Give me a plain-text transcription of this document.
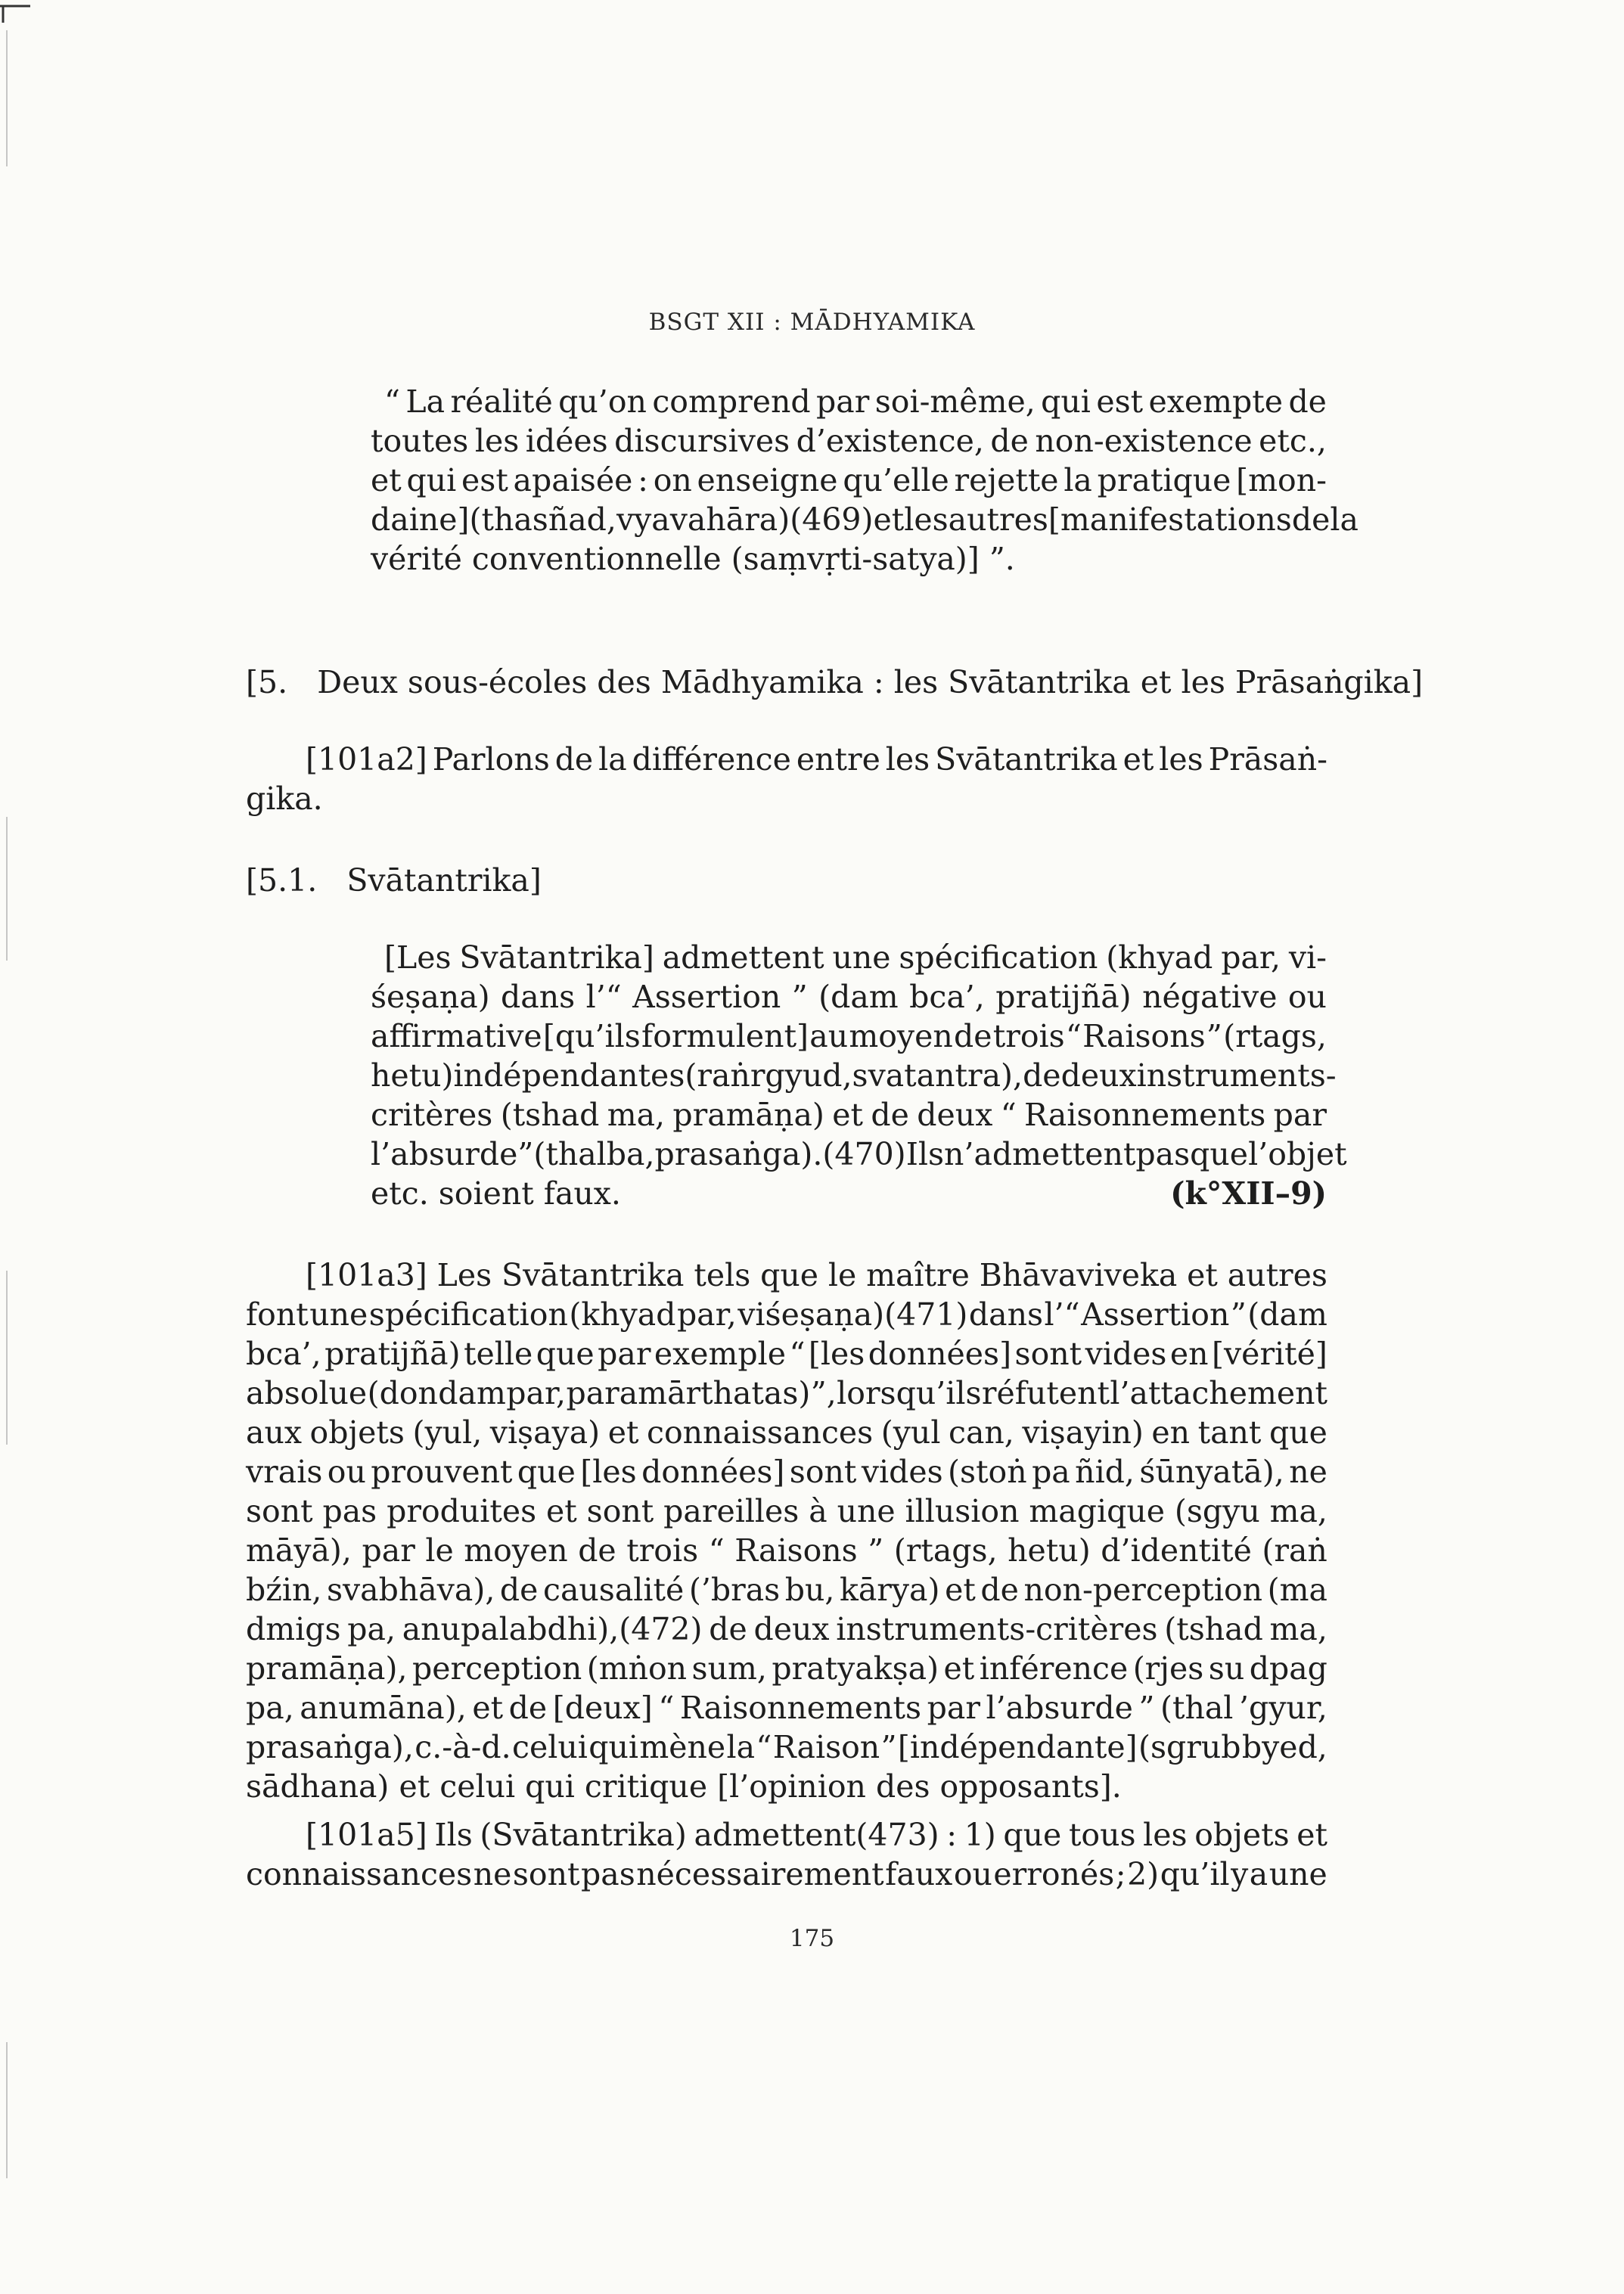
BSGT XII : MĀDHYAMIKA
“ La réalité qu’on comprend par soi-même, qui est exempte de
toutes les idées discursives d’existence, de non-existence etc.,
et qui est apaisée : on enseigne qu’elle rejette la pratique [mon-
daine] (tha sñad, vyavahāra)(469) et les autres [manifestations de la
vérité conventionnelle (saṃvṛti-satya)] ”.
[5.   Deux sous-écoles des Mādhyamika : les Svātantrika et les Prāsaṅgika]
[101a2] Parlons de la différence entre les Svātantrika et les Prāsaṅ-
gika.
[5.1.   Svātantrika]
[Les Svātantrika] admettent une spécification (khyad par, vi-
śeṣaṇa) dans l’“ Assertion ” (dam bca’, pratijñā) négative ou
affirmative [qu’ils formulent] au moyen de trois “ Raisons ” (rtags,
hetu) indépendantes (raṅ rgyud, svatantra), de deux instruments-
critères (tshad ma, pramāṇa) et de deux “ Raisonnements par
l’absurde ” (thal ba, prasaṅga).(470) Ils n’admettent pas que l’objet
etc. soient faux.	(k°XII–9)
[101a3] Les Svātantrika tels que le maître Bhāvaviveka et autres
font une spécification (khyad par, viśeṣaṇa)(471) dans l’“ Assertion ” (dam
bca’, pratijñā) telle que par exemple “ [les données] sont vides en [vérité]
absolue (don dam par, paramārthatas) ”, lorsqu’ils réfutent l’attachement
aux objets (yul, viṣaya) et connaissances (yul can, viṣayin) en tant que
vrais ou prouvent que [les données] sont vides (stoṅ pa ñid, śūnyatā), ne
sont pas produites et sont pareilles à une illusion magique (sgyu ma,
māyā), par le moyen de trois “ Raisons ” (rtags, hetu) d’identité (raṅ
bźin, svabhāva), de causalité (’bras bu, kārya) et de non-perception (ma
dmigs pa, anupalabdhi),(472) de deux instruments-critères (tshad ma,
pramāṇa), perception (mṅon sum, pratyakṣa) et inférence (rjes su dpag
pa, anumāna), et de [deux] “ Raisonnements par l’absurde ” (thal ’gyur,
prasaṅga), c.-à-d. celui qui mène la “ Raison ” [indépendante] (sgrub byed,
sādhana) et celui qui critique [l’opinion des opposants].
[101a5] Ils (Svātantrika) admettent(473) : 1) que tous les objets et
connaissances ne sont pas nécessairement faux ou erronés ; 2) qu’il y a une
175
